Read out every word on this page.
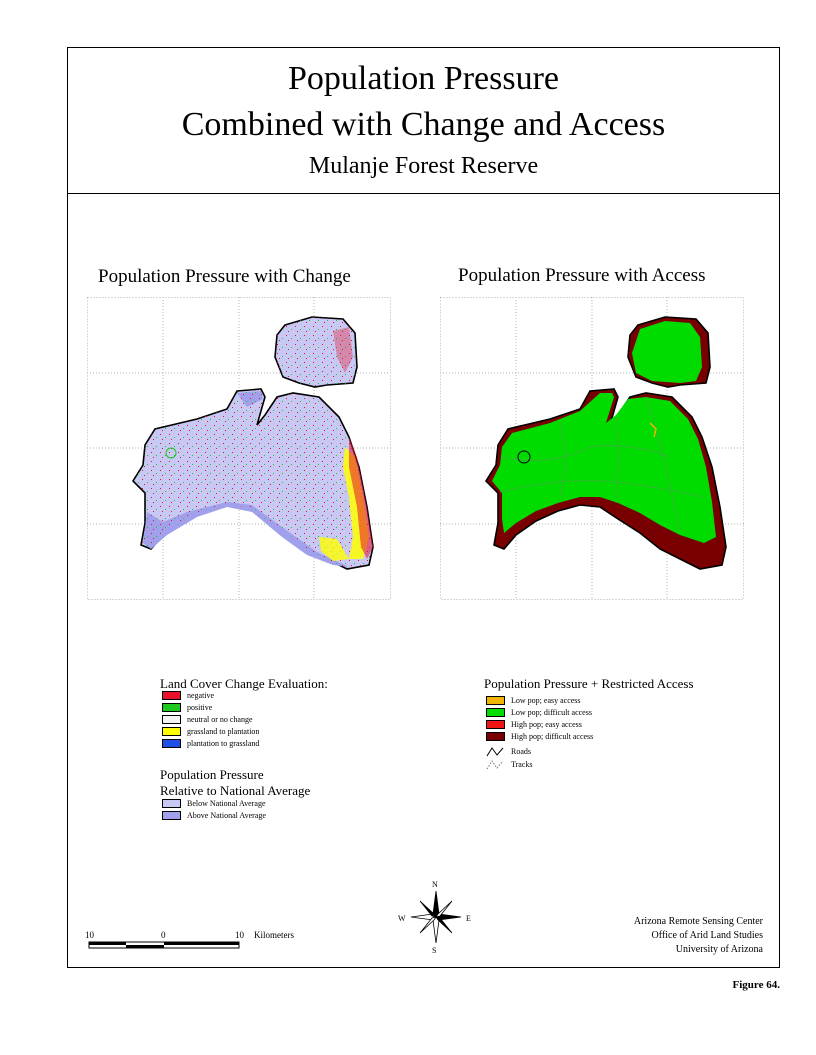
Population Pressure
Combined with Change and Access
Mulanje Forest Reserve
Population Pressure with Change	Population Pressure with Access
Land Cover Change Evaluation:
negative
positive
neutral or no change
grassland to plantation
plantation to grassland
Population Pressure
Relative to National Average
Below National Average
Above National Average
Population Pressure + Restricted Access
Low pop; easy access
Low pop; difficult access
High pop; easy access
High pop; difficult access
Roads
Tracks
10	0	10 Kilometers
N
S
W	E	Arizona Remote Sensing Center
Office of Arid Land Studies
University of Arizona
Figure 64.
